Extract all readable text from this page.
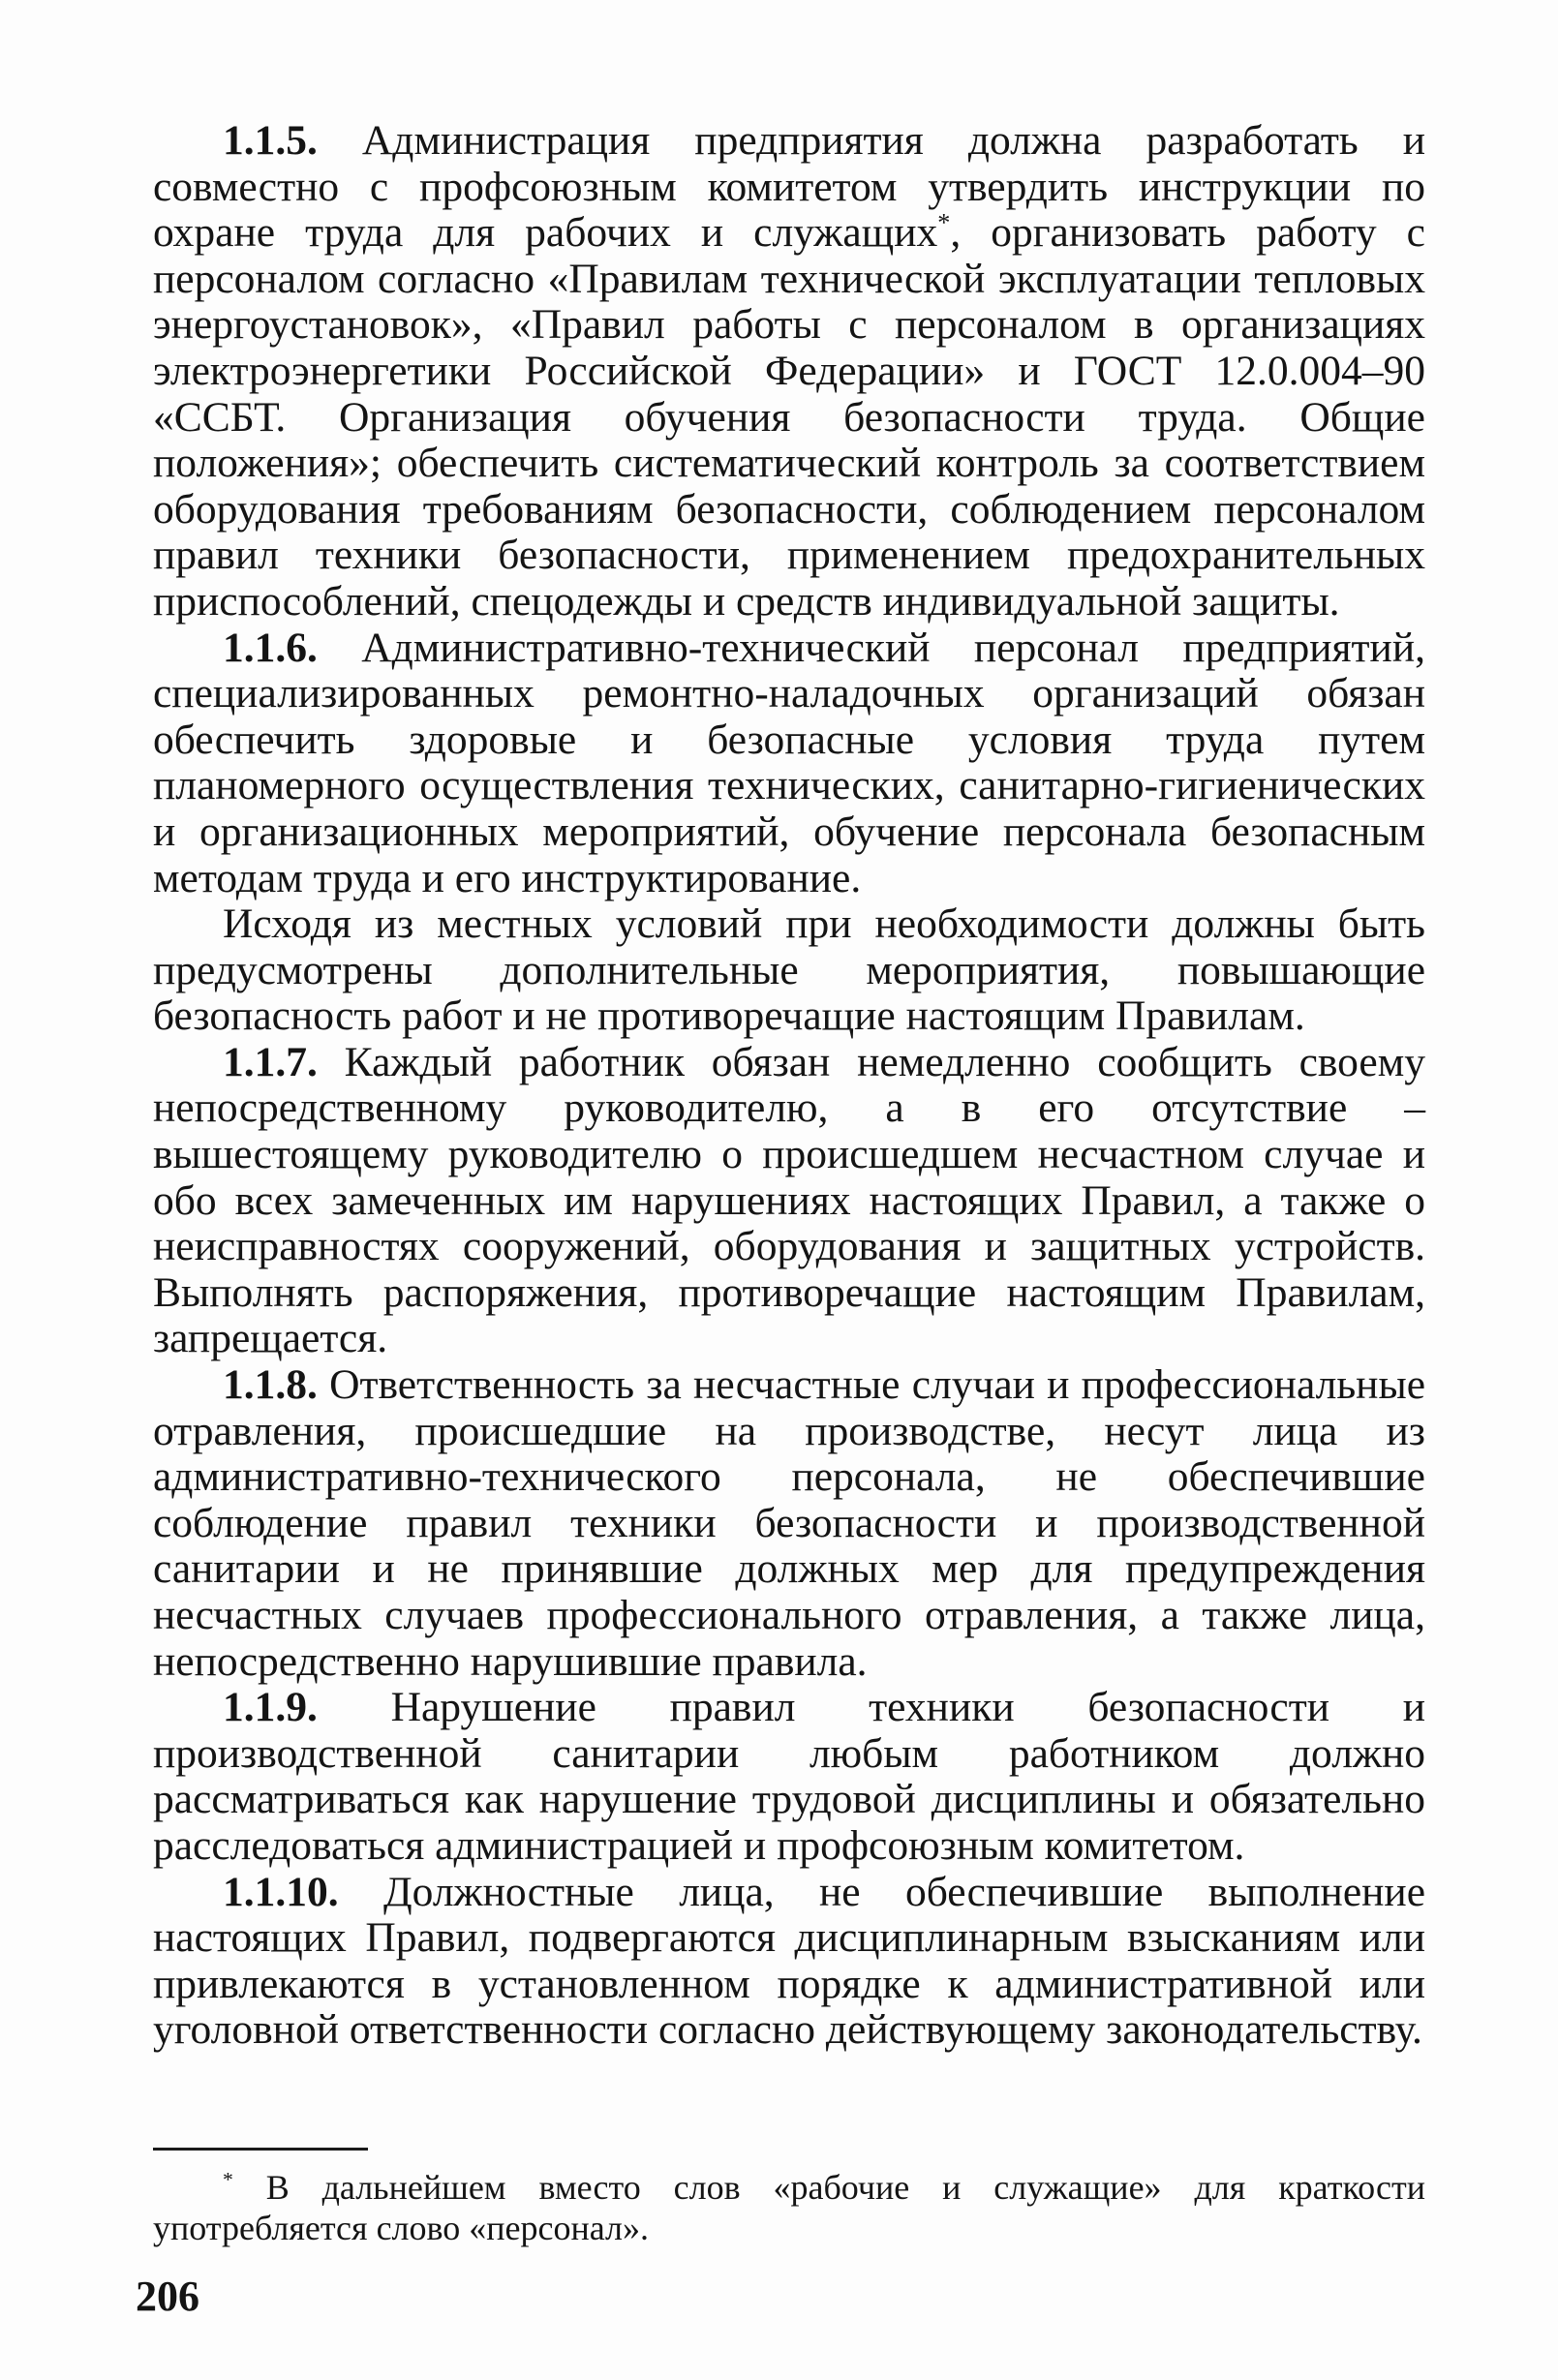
1.1.5. Администрация предприятия должна разработать и совместно с профсоюзным комитетом утвердить инструкции по охране труда для рабочих и служащих*, организовать работу с персоналом согласно «Правилам технической эксплуатации тепловых энергоустановок», «Правил работы с персоналом в организациях электроэнергетики Российской Федерации» и ГОСТ 12.0.004–90 «ССБТ. Организация обучения безопасности труда. Общие положения»; обеспечить систематический контроль за соответствием оборудования требованиям безопасности, соблюдением персоналом правил техники безопасности, применением предохранительных приспособлений, спецодежды и средств индивидуальной защиты.

1.1.6. Административно-технический персонал предприятий, специализированных ремонтно-наладочных организаций обязан обеспечить здоровые и безопасные условия труда путем планомерного осуществления технических, санитарно-гигиенических и организационных мероприятий, обучение персонала безопасным методам труда и его инструктирование.

Исходя из местных условий при необходимости должны быть предусмотрены дополнительные мероприятия, повышающие безопасность работ и не противоречащие настоящим Правилам.

1.1.7. Каждый работник обязан немедленно сообщить своему непосредственному руководителю, а в его отсутствие – вышестоящему руководителю о происшедшем несчастном случае и обо всех замеченных им нарушениях настоящих Правил, а также о неисправностях сооружений, оборудования и защитных устройств. Выполнять распоряжения, противоречащие настоящим Правилам, запрещается.

1.1.8. Ответственность за несчастные случаи и профессиональные отравления, происшедшие на производстве, несут лица из административно-технического персонала, не обеспечившие соблюдение правил техники безопасности и производственной санитарии и не принявшие должных мер для предупреждения несчастных случаев профессионального отравления, а также лица, непосредственно нарушившие правила.

1.1.9. Нарушение правил техники безопасности и производственной санитарии любым работником должно рассматриваться как нарушение трудовой дисциплины и обязательно расследоваться администрацией и профсоюзным комитетом.

1.1.10. Должностные лица, не обеспечившие выполнение настоящих Правил, подвергаются дисциплинарным взысканиям или привлекаются в установленном порядке к административной или уголовной ответственности согласно действующему законодательству.

* В дальнейшем вместо слов «рабочие и служащие» для краткости употребляется слово «персонал».

206
